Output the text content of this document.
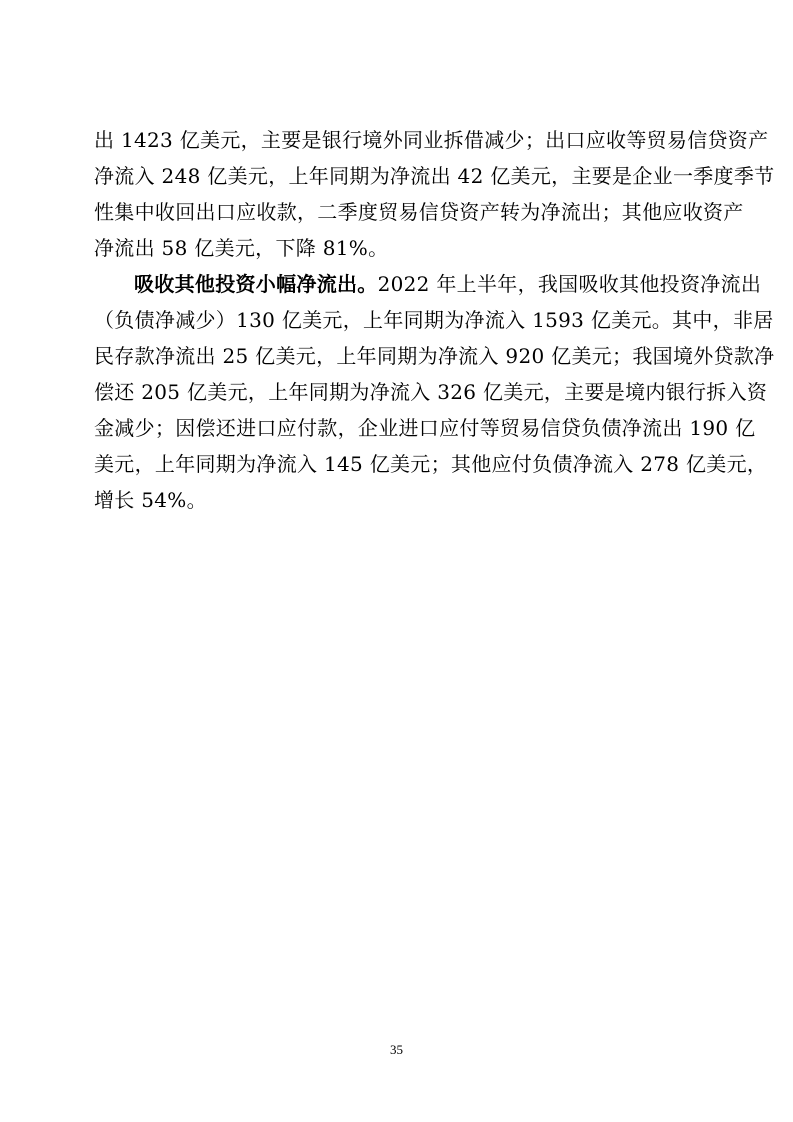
出 1423 亿美元，主要是银行境外同业拆借减少；出口应收等贸易信贷资产
净流入 248 亿美元，上年同期为净流出 42 亿美元，主要是企业一季度季节
性集中收回出口应收款，二季度贸易信贷资产转为净流出；其他应收资产
净流出 58 亿美元，下降 81%。
吸收其他投资小幅净流出。2022 年上半年，我国吸收其他投资净流出
（负债净减少）130 亿美元，上年同期为净流入 1593 亿美元。其中，非居
民存款净流出 25 亿美元，上年同期为净流入 920 亿美元；我国境外贷款净
偿还 205 亿美元，上年同期为净流入 326 亿美元，主要是境内银行拆入资
金减少；因偿还进口应付款，企业进口应付等贸易信贷负债净流出 190 亿
美元，上年同期为净流入 145 亿美元；其他应付负债净流入 278 亿美元，
增长 54%。
35
